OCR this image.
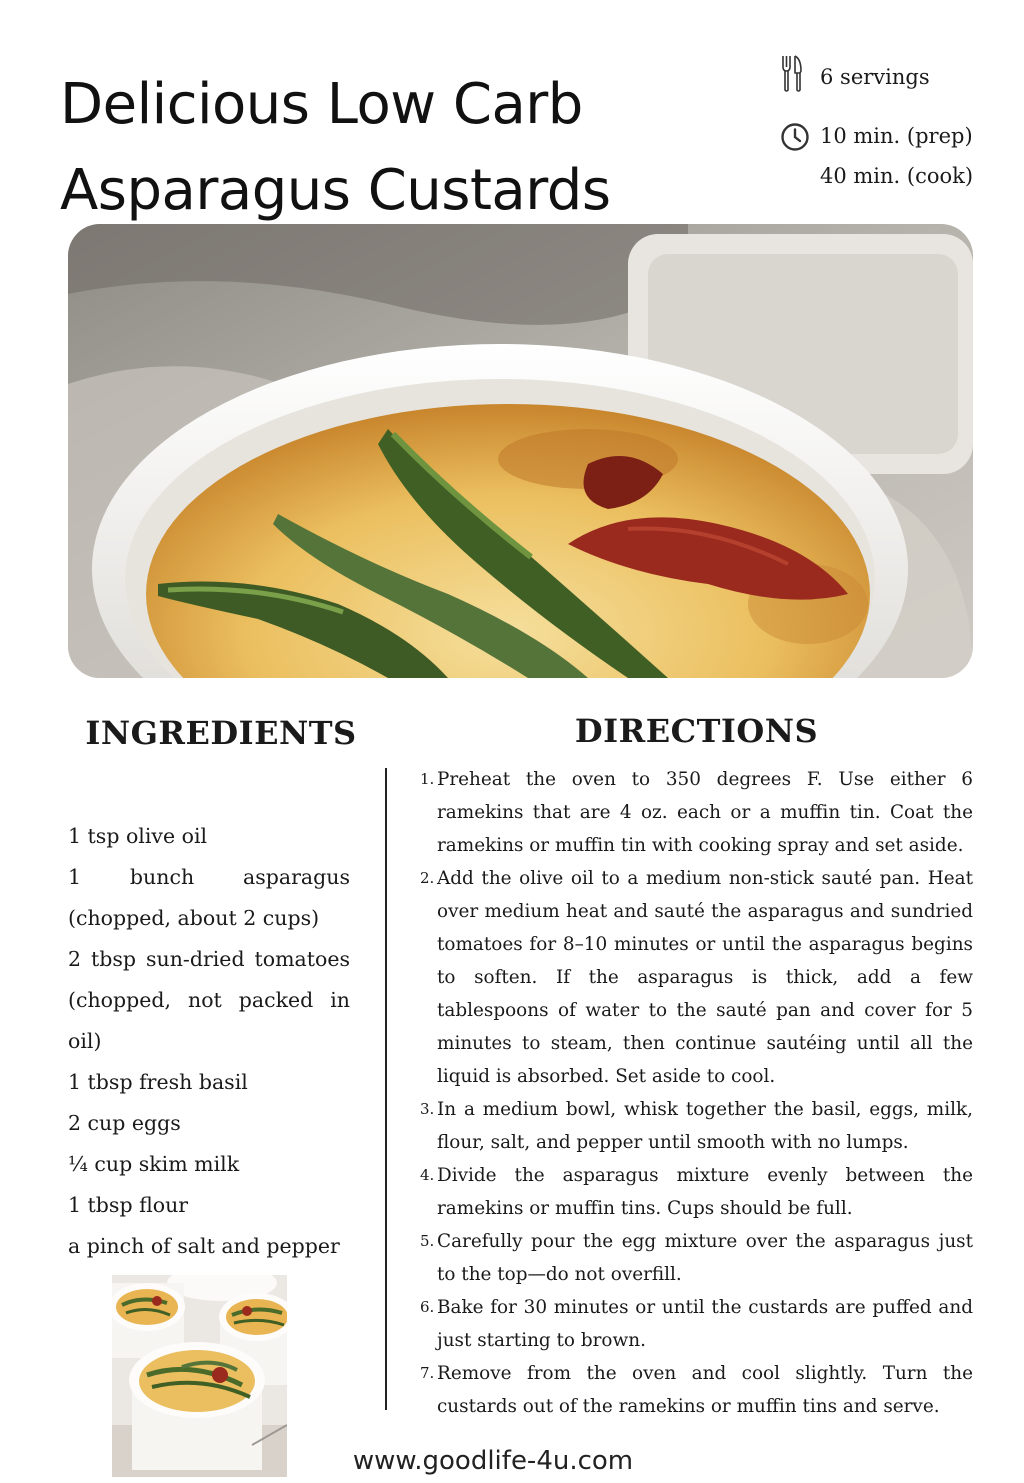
Delicious Low Carb
Asparagus Custards
6 servings
10 min. (prep)
40 min. (cook)
INGREDIENTS	DIRECTIONS
1 tsp olive oil
1 bunch asparagus (chopped, about 2 cups)
2 tbsp sun-dried tomatoes (chopped, not packed in oil)
1 tbsp fresh basil
2 cup eggs
¼ cup skim milk
1 tbsp flour
a pinch of salt and pepper
1. Preheat the oven to 350 degrees F. Use either 6 ramekins that are 4 oz. each or a muffin tin. Coat the ramekins or muffin tin with cooking spray and set aside.
2. Add the olive oil to a medium non-stick sauté pan. Heat over medium heat and sauté the asparagus and sundried tomatoes for 8–10 minutes or until the asparagus begins to soften. If the asparagus is thick, add a few tablespoons of water to the sauté pan and cover for 5 minutes to steam, then continue sautéing until all the liquid is absorbed. Set aside to cool.
3. In a medium bowl, whisk together the basil, eggs, milk, flour, salt, and pepper until smooth with no lumps.
4. Divide the asparagus mixture evenly between the ramekins or muffin tins. Cups should be full.
5. Carefully pour the egg mixture over the asparagus just to the top—do not overfill.
6. Bake for 30 minutes or until the custards are puffed and just starting to brown.
7. Remove from the oven and cool slightly. Turn the custards out of the ramekins or muffin tins and serve.
www.goodlife-4u.com
